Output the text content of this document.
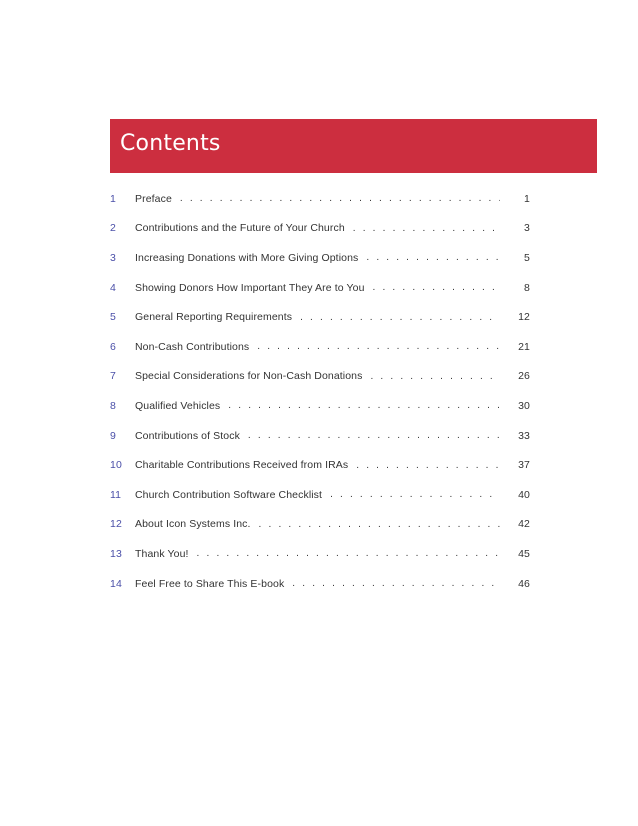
Contents
1	Preface . . .	1
2	Contributions and the Future of Your Church . . .	3
3	Increasing Donations with More Giving Options . . .	5
4	Showing Donors How Important They Are to You . . .	8
5	General Reporting Requirements . . .	12
6	Non-Cash Contributions . . .	21
7	Special Considerations for Non-Cash Donations . . .	26
8	Qualified Vehicles . . .	30
9	Contributions of Stock . . .	33
10	Charitable Contributions Received from IRAs . . .	37
11	Church Contribution Software Checklist . . .	40
12	About Icon Systems Inc. . . .	42
13	Thank You! . . .	45
14	Feel Free to Share This E-book . . .	46
